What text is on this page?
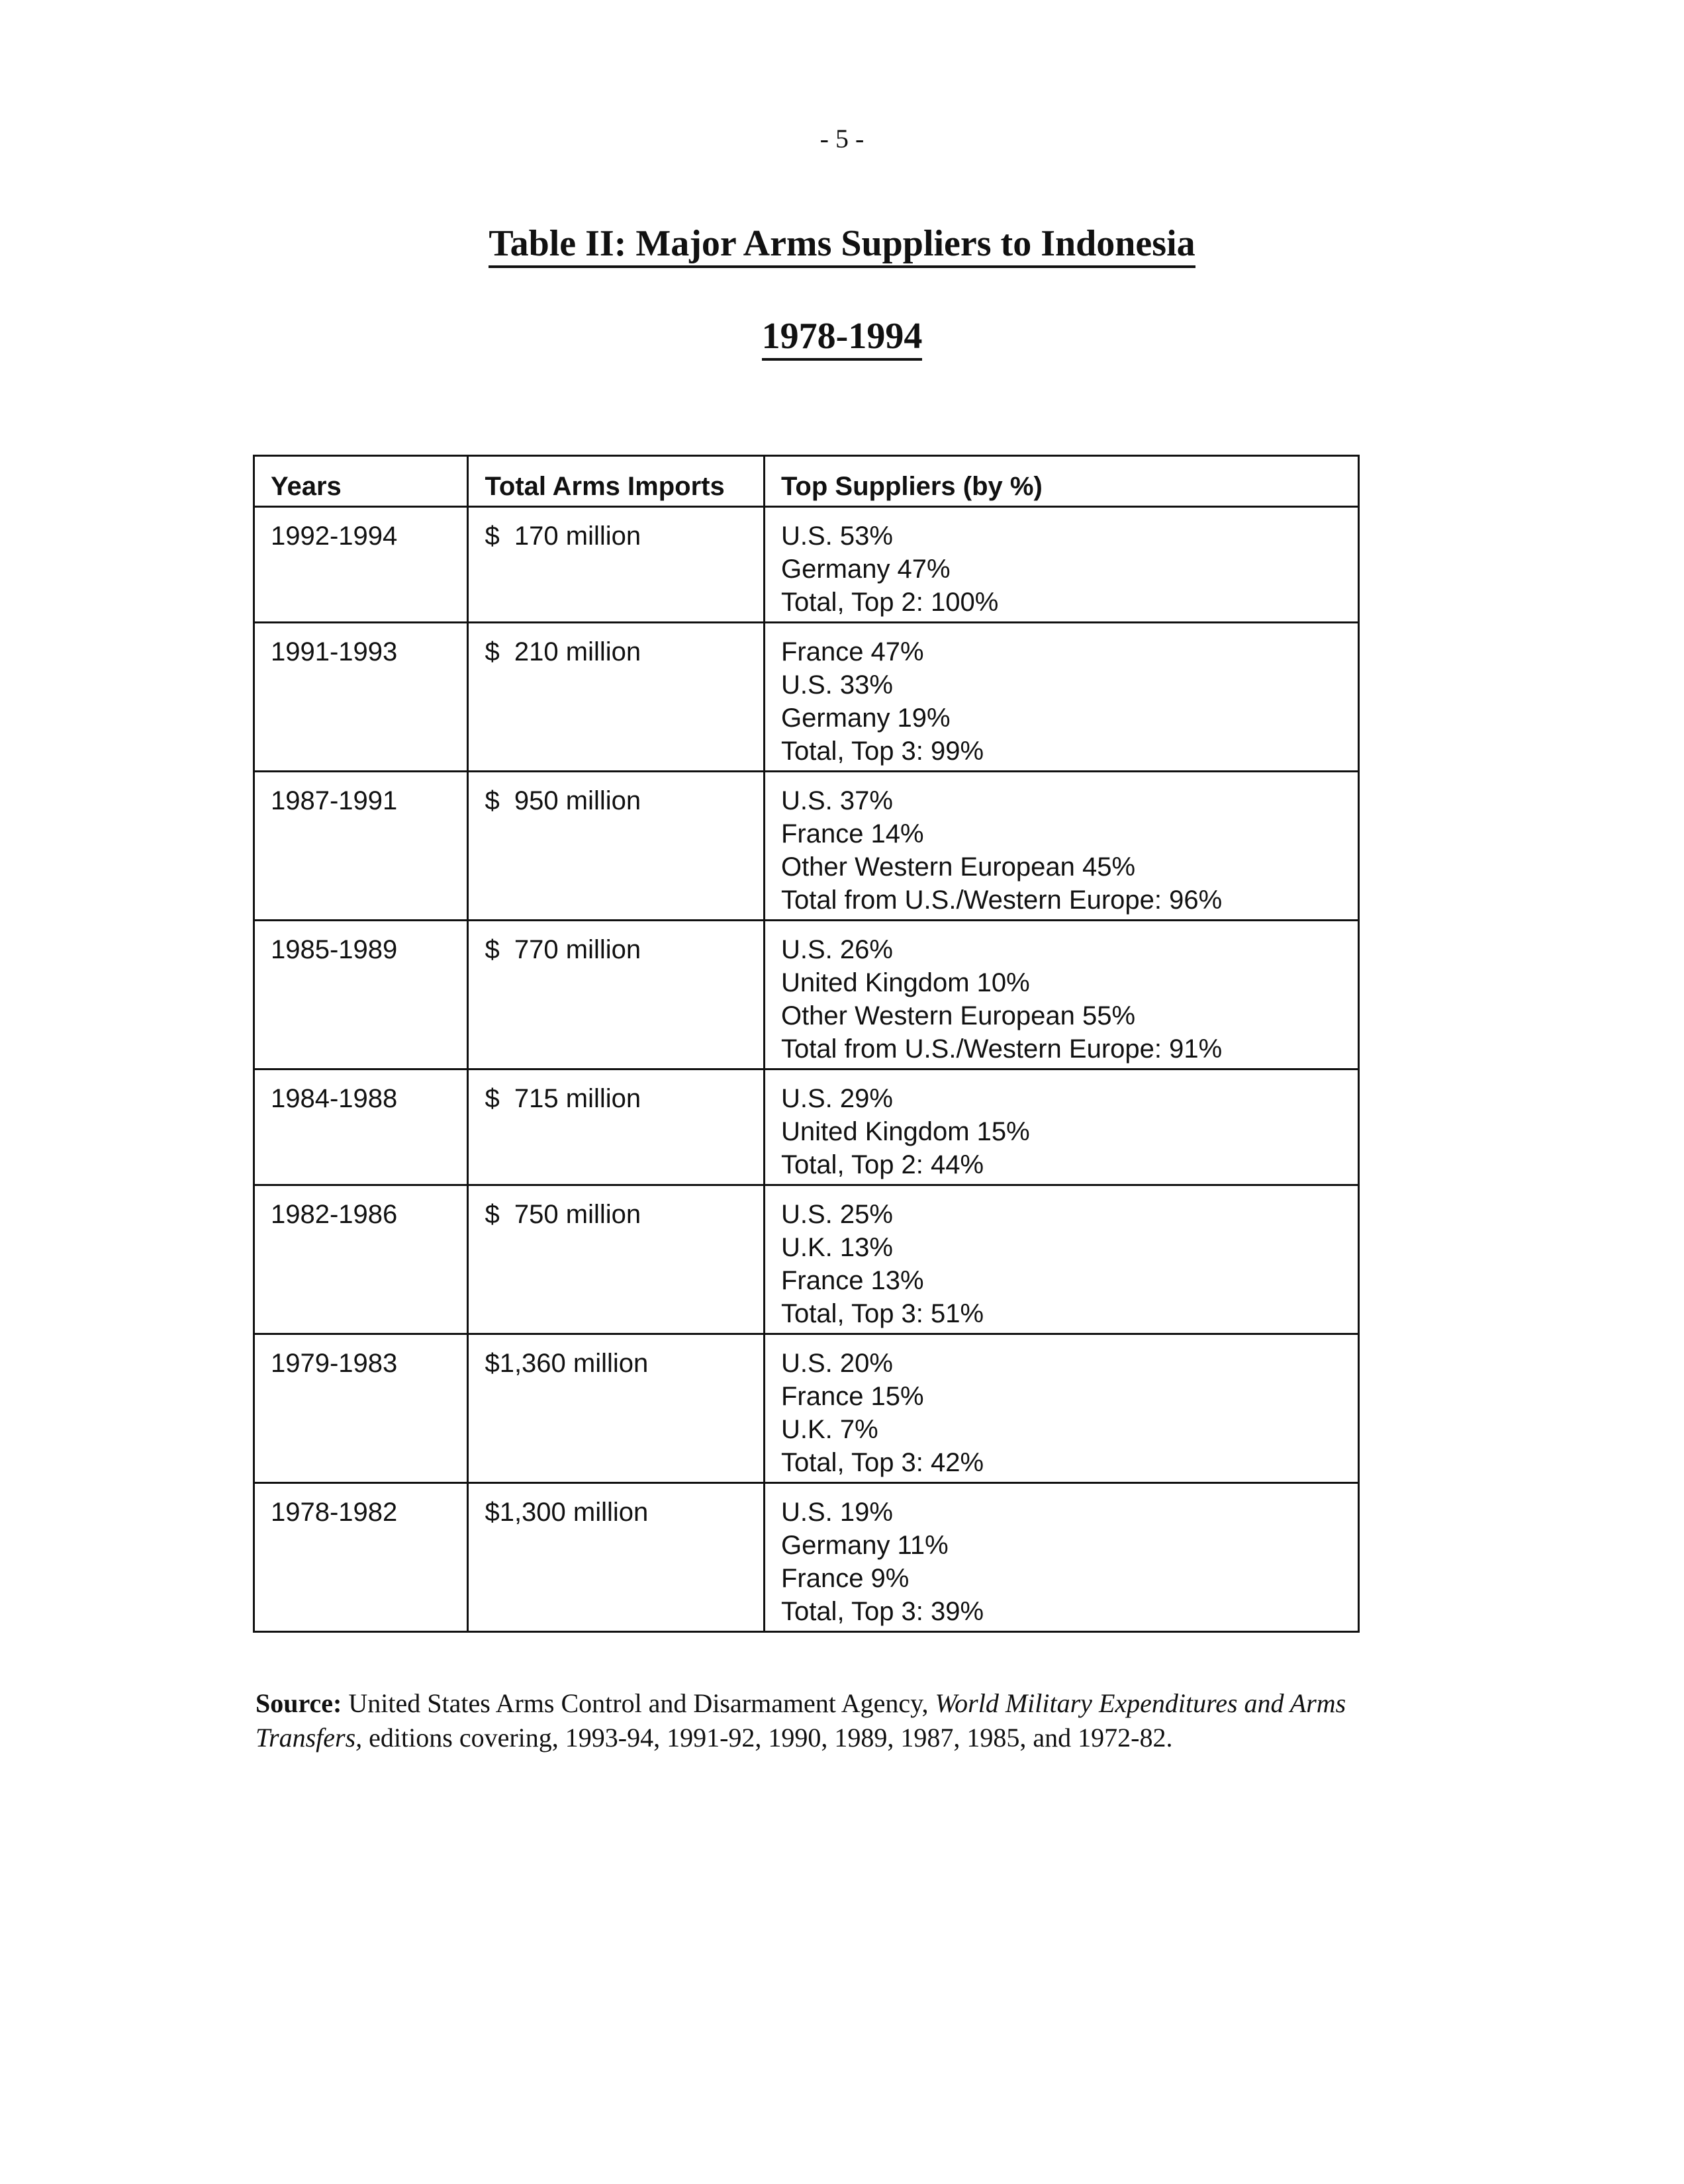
- 5 -
Table II: Major Arms Suppliers to Indonesia
1978-1994
Years	Total Arms Imports	Top Suppliers (by %)
1992-1994	$  170 million	U.S. 53%
Germany 47%
Total, Top 2: 100%

1991-1993	$  210 million	France 47%
U.S. 33%
Germany 19%
Total, Top 3: 99%

1987-1991	$  950 million	U.S. 37%
France 14%
Other Western European 45%
Total from U.S./Western Europe: 96%

1985-1989	$  770 million	U.S. 26%
United Kingdom 10%
Other Western European 55%
Total from U.S./Western Europe: 91%

1984-1988	$  715 million	U.S. 29%
United Kingdom 15%
Total, Top 2: 44%

1982-1986	$  750 million	U.S. 25%
U.K. 13%
France 13%
Total, Top 3: 51%

1979-1983	$1,360 million	U.S. 20%
France 15%
U.K. 7%
Total, Top 3: 42%

1978-1982	$1,300 million	U.S. 19%
Germany 11%
France 9%
Total, Top 3: 39%
Source: United States Arms Control and Disarmament Agency, World Military Expenditures and Arms Transfers, editions covering, 1993-94, 1991-92, 1990, 1989, 1987, 1985, and 1972-82.
